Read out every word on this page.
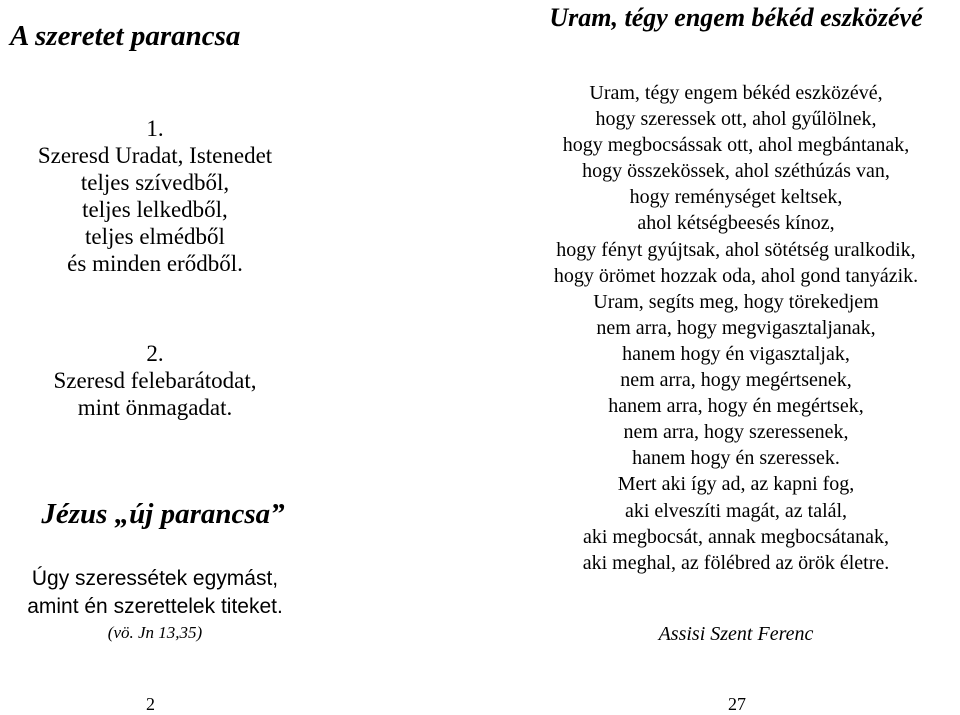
A szeretet parancsa
1.
Szeresd Uradat, Istenedet
teljes szívedből,
teljes lelkedből,
teljes elmédből
és minden erődből.
2.
Szeresd felebarátodat,
mint önmagadat.
Jézus „új parancsa”
Úgy szeressétek egymást,
amint én szerettelek titeket.
(vö. Jn 13,35)
2
Uram, tégy engem békéd eszközévé
Uram, tégy engem békéd eszközévé,
hogy szeressek ott, ahol gyűlölnek,
hogy megbocsássak ott, ahol megbántanak,
hogy összekössek, ahol széthúzás van,
hogy reménységet keltsek,
ahol kétségbeesés kínoz,
hogy fényt gyújtsak, ahol sötétség uralkodik,
hogy örömet hozzak oda, ahol gond tanyázik.
Uram, segíts meg, hogy törekedjem
nem arra, hogy megvigasztaljanak,
hanem hogy én vigasztaljak,
nem arra, hogy megértsenek,
hanem arra, hogy én megértsek,
nem arra, hogy szeressenek,
hanem hogy én szeressek.
Mert aki így ad, az kapni fog,
aki elveszíti magát, az talál,
aki megbocsát, annak megbocsátanak,
aki meghal, az fölébred az örök életre.
Assisi Szent Ferenc
27
